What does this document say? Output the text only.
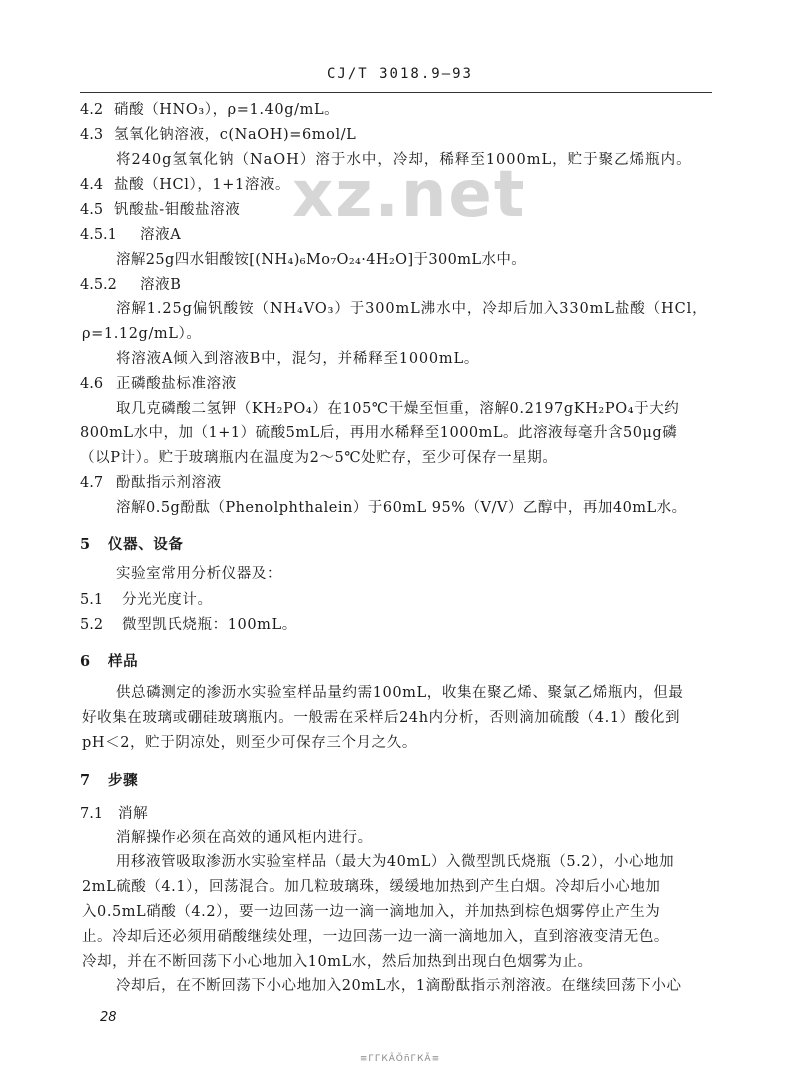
CJ/T 3018.9—93
xz.net
4.2 硝酸（HNO₃），ρ=1.40g/mL。
4.3 氢氧化钠溶液，c(NaOH)=6mol/L
将240g氢氧化钠（NaOH）溶于水中，冷却，稀释至1000mL，贮于聚乙烯瓶内。
4.4 盐酸（HCl），1+1溶液。
4.5 钒酸盐-钼酸盐溶液
4.5.1 溶液A
溶解25g四水钼酸铵[(NH₄)₆Mo₇O₂₄·4H₂O]于300mL水中。
4.5.2 溶液B
溶解1.25g偏钒酸铵（NH₄VO₃）于300mL沸水中，冷却后加入330mL盐酸（HCl，
ρ=1.12g/mL）。
将溶液A倾入到溶液B中，混匀，并稀释至1000mL。
4.6 正磷酸盐标准溶液
取几克磷酸二氢钾（KH₂PO₄）在105℃干燥至恒重，溶解0.2197gKH₂PO₄于大约
800mL水中，加（1+1）硫酸5mL后，再用水稀释至1000mL。此溶液每毫升含50μg磷
（以P计）。贮于玻璃瓶内在温度为2～5℃处贮存，至少可保存一星期。
4.7 酚酞指示剂溶液
溶解0.5g酚酞（Phenolphthalein）于60mL 95%（V/V）乙醇中，再加40mL水。
5 仪器、设备
实验室常用分析仪器及：
5.1 分光光度计。
5.2 微型凯氏烧瓶：100mL。
6 样品
供总磷测定的渗沥水实验室样品量约需100mL，收集在聚乙烯、聚氯乙烯瓶内，但最
好收集在玻璃或硼硅玻璃瓶内。一般需在采样后24h内分析，否则滴加硫酸（4.1）酸化到
pH＜2，贮于阴凉处，则至少可保存三个月之久。
7 步骤
7.1 消解
消解操作必须在高效的通风柜内进行。
用移液管吸取渗沥水实验室样品（最大为40mL）入微型凯氏烧瓶（5.2），小心地加
2mL硫酸（4.1），回荡混合。加几粒玻璃珠，缓缓地加热到产生白烟。冷却后小心地加
入0.5mL硝酸（4.2），要一边回荡一边一滴一滴地加入，并加热到棕色烟雾停止产生为
止。冷却后还必须用硝酸继续处理，一边回荡一边一滴一滴地加入，直到溶液变清无色。
冷却，并在不断回荡下小心地加入10mL水，然后加热到出现白色烟雾为止。
冷却后，在不断回荡下小心地加入20mL水，1滴酚酞指示剂溶液。在继续回荡下小心
28
≡ГГКÃÕñГКÃ≡
